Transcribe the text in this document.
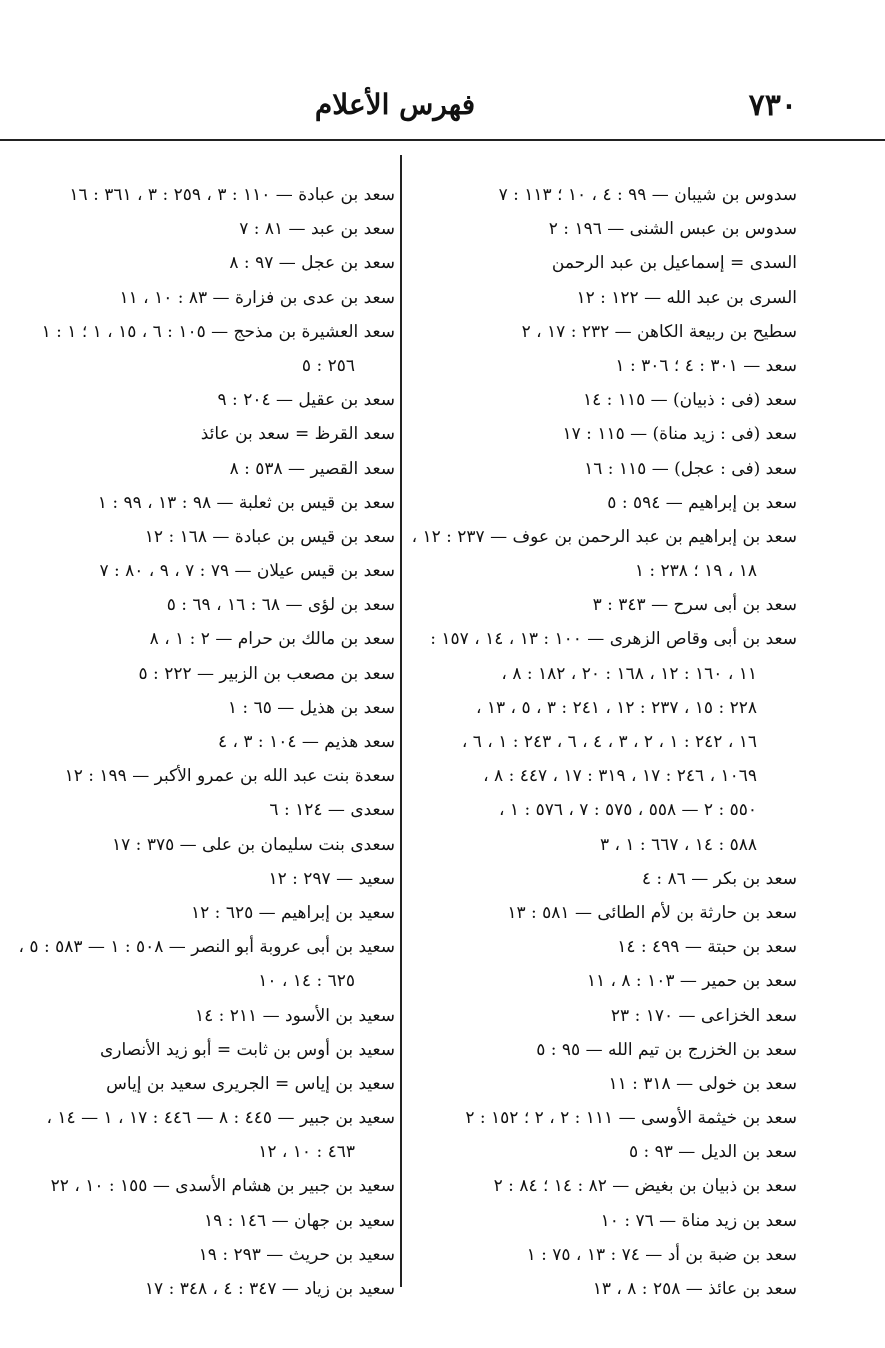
٧٣٠
فهرس الأعلام
سدوس بن شيبان — ٩٩ : ٤ ، ١٠ ؛ ١١٣ : ٧
سدوس بن عبس الشنى — ١٩٦ : ٢
السدى = إسماعيل بن عبد الرحمن
السرى بن عبد الله — ١٢٢ : ١٢
سطيح بن ربيعة الكاهن — ٢٣٢ : ١٧ ، ٢
سعد — ٣٠١ : ٤ ؛ ٣٠٦ : ١
سعد (فى : ذبيان) — ١١٥ : ١٤
سعد (فى : زيد مناة) — ١١٥ : ١٧
سعد (فى : عجل) — ١١٥ : ١٦
سعد بن إبراهيم — ٥٩٤ : ٥
سعد بن إبراهيم بن عبد الرحمن بن عوف — ٢٣٧ : ١٢ ،
١٨ ، ١٩ ؛ ٢٣٨ : ١
سعد بن أبى سرح — ٣٤٣ : ٣
سعد بن أبى وقاص الزهرى — ١٠٠ : ١٣ ، ١٤ ، ١٥٧ :
١١ ، ١٦٠ : ١٢ ، ١٦٨ : ٢٠ ، ١٨٢ : ٨ ،
٢٢٨ : ١٥ ، ٢٣٧ : ١٢ ، ٢٤١ : ٣ ، ٥ ، ١٣ ،
١٦ ، ٢٤٢ : ١ ، ٢ ، ٣ ، ٤ ، ٦ ، ٢٤٣ : ١ ، ٦ ،
١٠٦٩ ، ٢٤٦ : ١٧ ، ٣١٩ : ١٧ ، ٤٤٧ : ٨ ،
٥٥٠ : ٢ — ٥٥٨ ، ٥٧٥ : ٧ ، ٥٧٦ : ١ ،
٥٨٨ : ١٤ ، ٦٦٧ : ١ ، ٣
سعد بن بكر — ٨٦ : ٤
سعد بن حارثة بن لأم الطائى — ٥٨١ : ١٣
سعد بن حبتة — ٤٩٩ : ١٤
سعد بن حمير — ١٠٣ : ٨ ، ١١
سعد الخزاعى — ١٧٠ : ٢٣
سعد بن الخزرج بن تيم الله — ٩٥ : ٥
سعد بن خولى — ٣١٨ : ١١
سعد بن خيثمة الأوسى — ١١١ : ٢ ، ٢ ؛ ١٥٢ : ٢
سعد بن الديل — ٩٣ : ٥
سعد بن ذبيان بن بغيض — ٨٢ : ١٤ ؛ ٨٤ : ٢
سعد بن زيد مناة — ٧٦ : ١٠
سعد بن ضبة بن أد — ٧٤ : ١٣ ، ٧٥ : ١
سعد بن عائذ — ٢٥٨ : ٨ ، ١٣
سعد بن عبادة — ١١٠ : ٣ ، ٢٥٩ : ٣ ، ٣٦١ : ١٦
سعد بن عبد — ٨١ : ٧
سعد بن عجل — ٩٧ : ٨
سعد بن عدى بن فزارة — ٨٣ : ١٠ ، ١١
سعد العشيرة بن مذحج — ١٠٥ : ٦ ، ١٥ ، ١ ؛ ١ : ١
٢٥٦ : ٥
سعد بن عقيل — ٢٠٤ : ٩
سعد القرظ = سعد بن عائذ
سعد القصير — ٥٣٨ : ٨
سعد بن قيس بن ثعلبة — ٩٨ : ١٣ ، ٩٩ : ١
سعد بن قيس بن عبادة — ١٦٨ : ١٢
سعد بن قيس عيلان — ٧٩ : ٧ ، ٩ ، ٨٠ : ٧
سعد بن لؤى — ٦٨ : ١٦ ، ٦٩ : ٥
سعد بن مالك بن حرام — ٢ : ١ ، ٨
سعد بن مصعب بن الزبير — ٢٢٢ : ٥
سعد بن هذيل — ٦٥ : ١
سعد هذيم — ١٠٤ : ٣ ، ٤
سعدة بنت عبد الله بن عمرو الأكبر — ١٩٩ : ١٢
سعدى — ١٢٤ : ٦
سعدى بنت سليمان بن على — ٣٧٥ : ١٧
سعيد — ٢٩٧ : ١٢
سعيد بن إبراهيم — ٦٢٥ : ١٢
سعيد بن أبى عروبة أبو النصر — ٥٠٨ : ١ — ٥٨٣ : ٥ ،
٦٢٥ : ١٤ ، ١٠
سعيد بن الأسود — ٢١١ : ١٤
سعيد بن أوس بن ثابت = أبو زيد الأنصارى
سعيد بن إياس = الجريرى سعيد بن إياس
سعيد بن جبير — ٤٤٥ : ٨ — ٤٤٦ : ١٧ ، ١ — ١٤ ،
٤٦٣ : ١٠ ، ١٢
سعيد بن جبير بن هشام الأسدى — ١٥٥ : ١٠ ، ٢٢
سعيد بن جهان — ١٤٦ : ١٩
سعيد بن حريث — ٢٩٣ : ١٩
سعيد بن زياد — ٣٤٧ : ٤ ، ٣٤٨ : ١٧
